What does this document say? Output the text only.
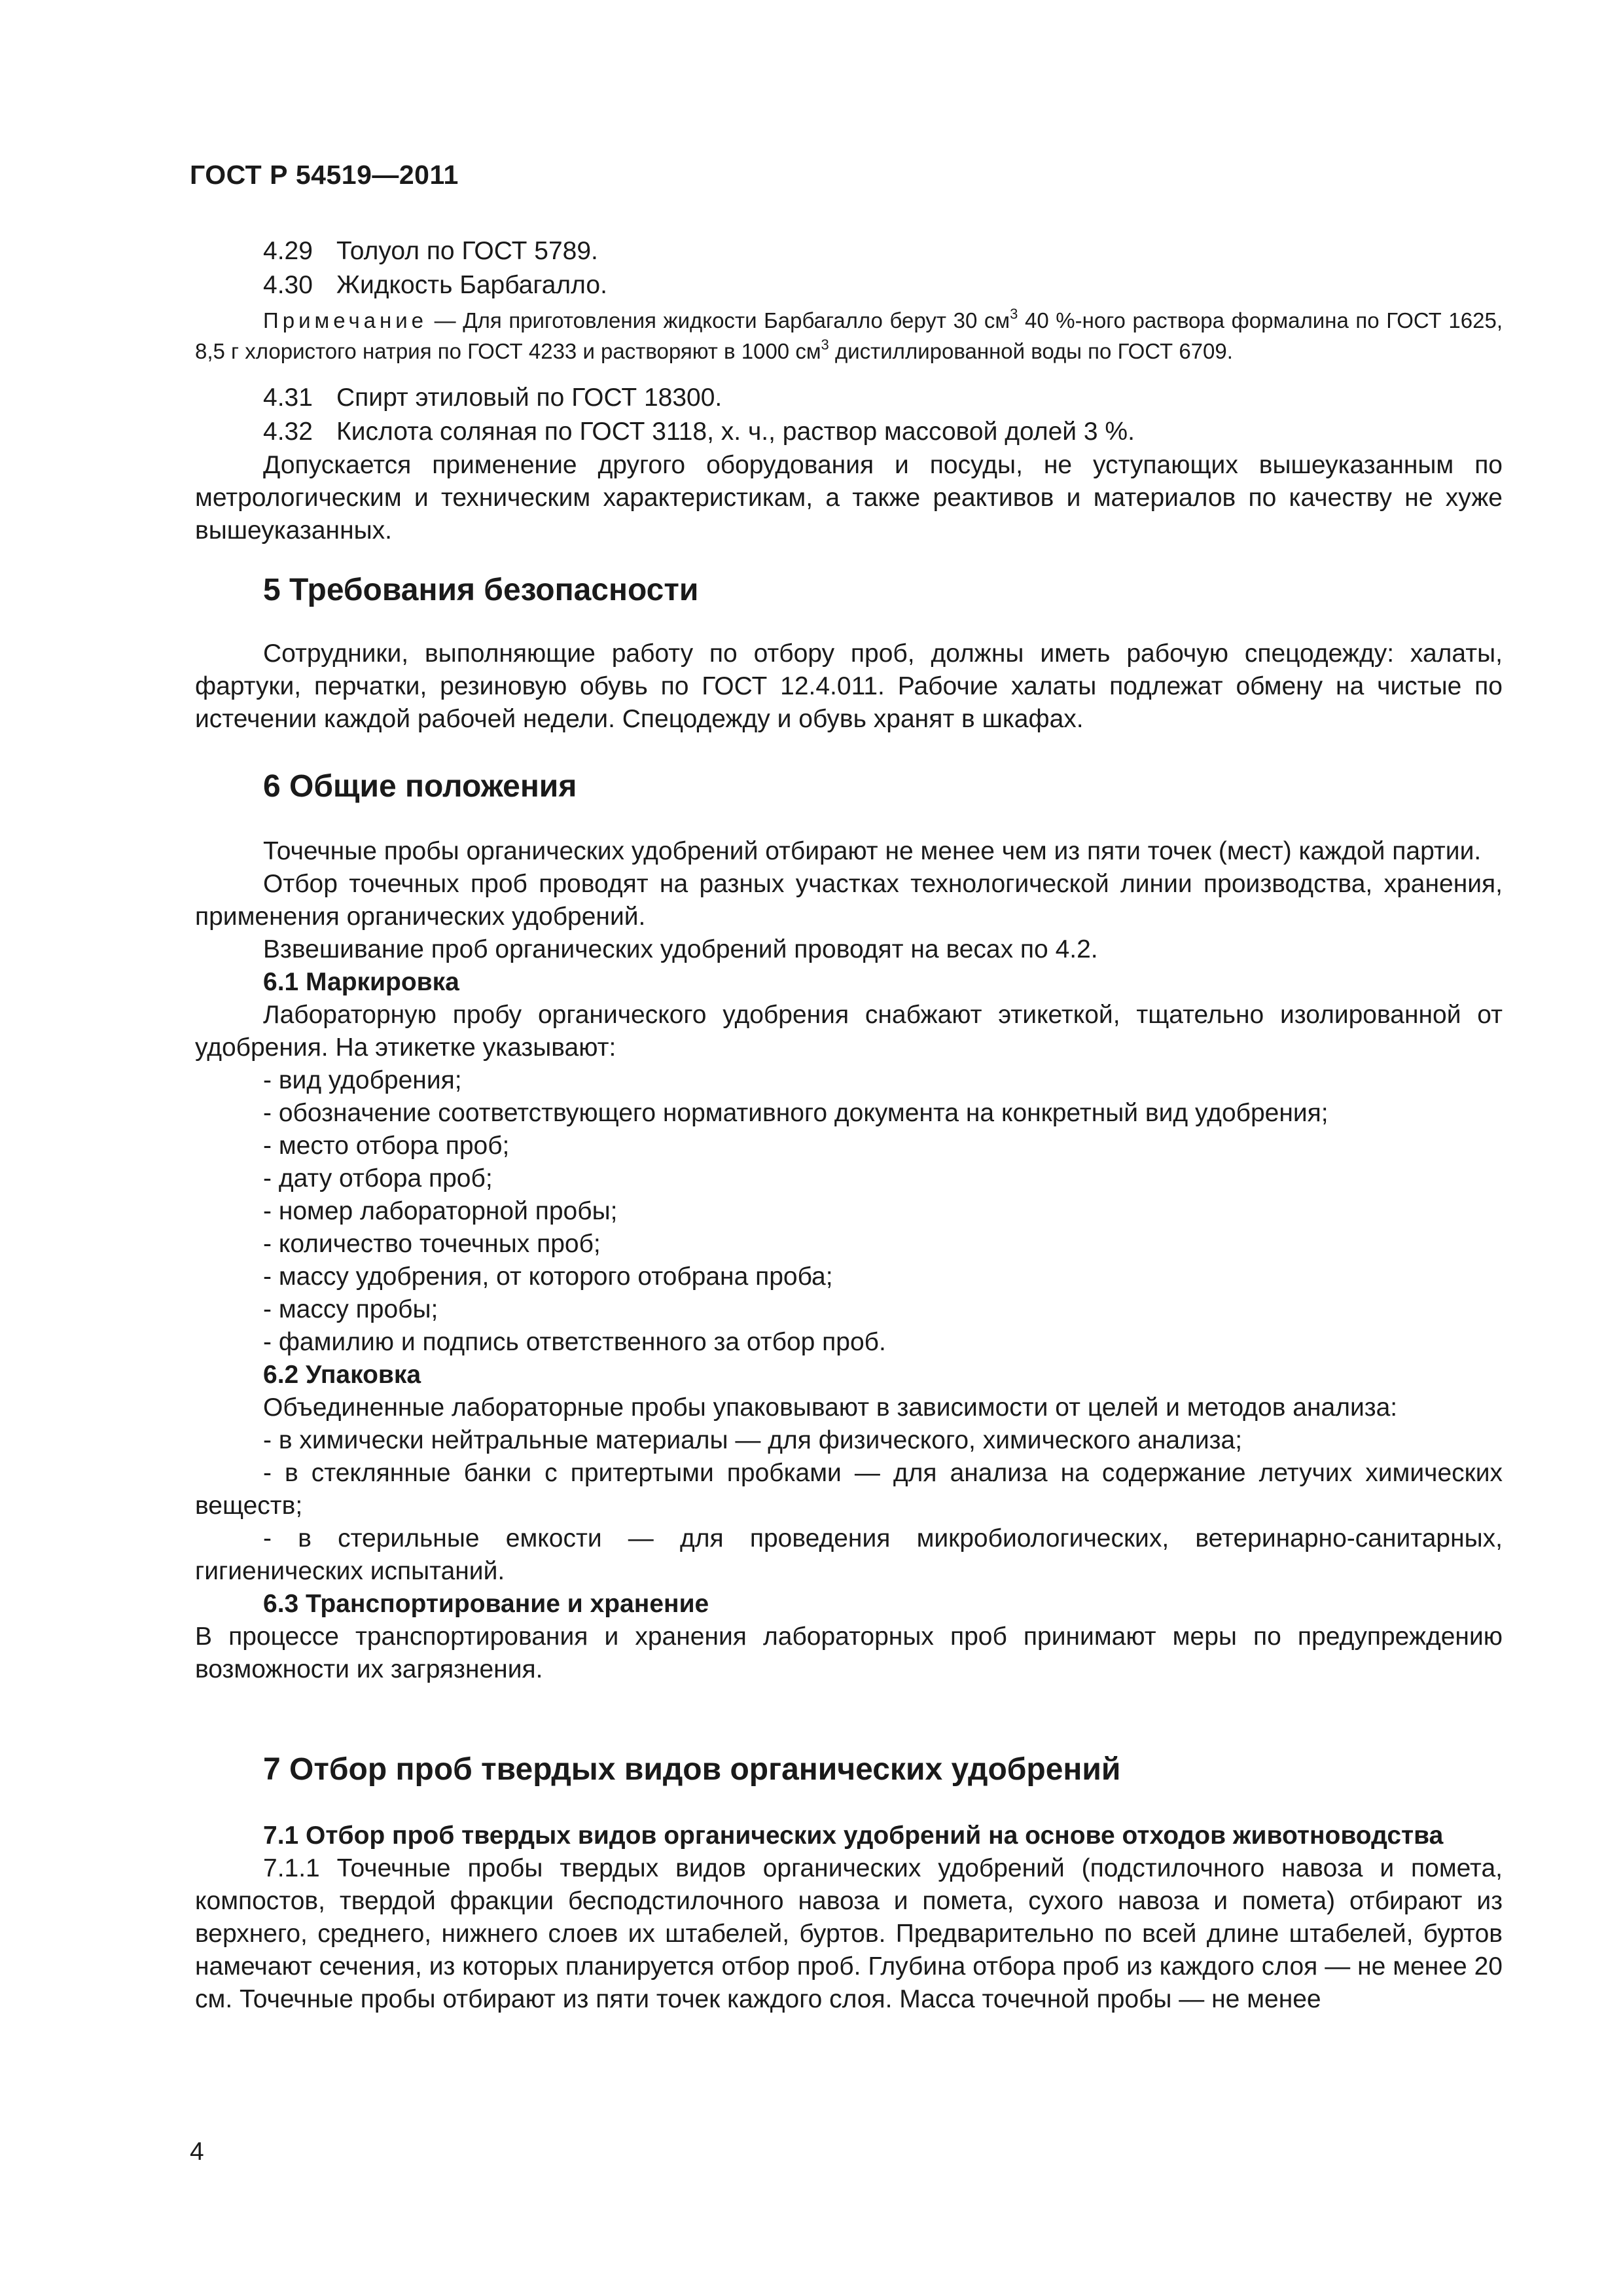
ГОСТ Р 54519—2011

4.29 Толуол по ГОСТ 5789.

4.30 Жидкость Барбагалло.

Примечание — Для приготовления жидкости Барбагалло берут 30 $см^3$ 40 %-ного раствора формалина по ГОСТ 1625, 8,5 г хлористого натрия по ГОСТ 4233 и растворяют в 1000 $см^3$ дистиллированной воды по ГОСТ 6709.

4.31 Спирт этиловый по ГОСТ 18300.

4.32 Кислота соляная по ГОСТ 3118, х. ч., раствор массовой долей 3 %.

Допускается применение другого оборудования и посуды, не уступающих вышеуказанным по метрологическим и техническим характеристикам, а также реактивов и материалов по качеству не хуже вышеуказанных.

5 Требования безопасности

Сотрудники, выполняющие работу по отбору проб, должны иметь рабочую спецодежду: халаты, фартуки, перчатки, резиновую обувь по ГОСТ 12.4.011. Рабочие халаты подлежат обмену на чистые по истечении каждой рабочей недели. Спецодежду и обувь хранят в шкафах.

6 Общие положения

Точечные пробы органических удобрений отбирают не менее чем из пяти точек (мест) каждой партии.

Отбор точечных проб проводят на разных участках технологической линии производства, хранения, применения органических удобрений.

Взвешивание проб органических удобрений проводят на весах по 4.2.

6.1 Маркировка

Лабораторную пробу органического удобрения снабжают этикеткой, тщательно изолированной от удобрения. На этикетке указывают:

- вид удобрения;

- обозначение соответствующего нормативного документа на конкретный вид удобрения;

- место отбора проб;

- дату отбора проб;

- номер лабораторной пробы;

- количество точечных проб;

- массу удобрения, от которого отобрана проба;

- массу пробы;

- фамилию и подпись ответственного за отбор проб.

6.2 Упаковка

Объединенные лабораторные пробы упаковывают в зависимости от целей и методов анализа:

- в химически нейтральные материалы — для физического, химического анализа;

- в стеклянные банки с притертыми пробками — для анализа на содержание летучих химических веществ;

- в стерильные емкости — для проведения микробиологических, ветеринарно-санитарных, гигиенических испытаний.

6.3 Транспортирование и хранение

В процессе транспортирования и хранения лабораторных проб принимают меры по предупреждению возможности их загрязнения.

7 Отбор проб твердых видов органических удобрений

7.1 Отбор проб твердых видов органических удобрений на основе отходов животноводства

7.1.1 Точечные пробы твердых видов органических удобрений (подстилочного навоза и помета, компостов, твердой фракции бесподстилочного навоза и помета, сухого навоза и помета) отбирают из верхнего, среднего, нижнего слоев их штабелей, буртов. Предварительно по всей длине штабелей, буртов намечают сечения, из которых планируется отбор проб. Глубина отбора проб из каждого слоя — не менее 20 см. Точечные пробы отбирают из пяти точек каждого слоя. Масса точечной пробы — не менее

4
